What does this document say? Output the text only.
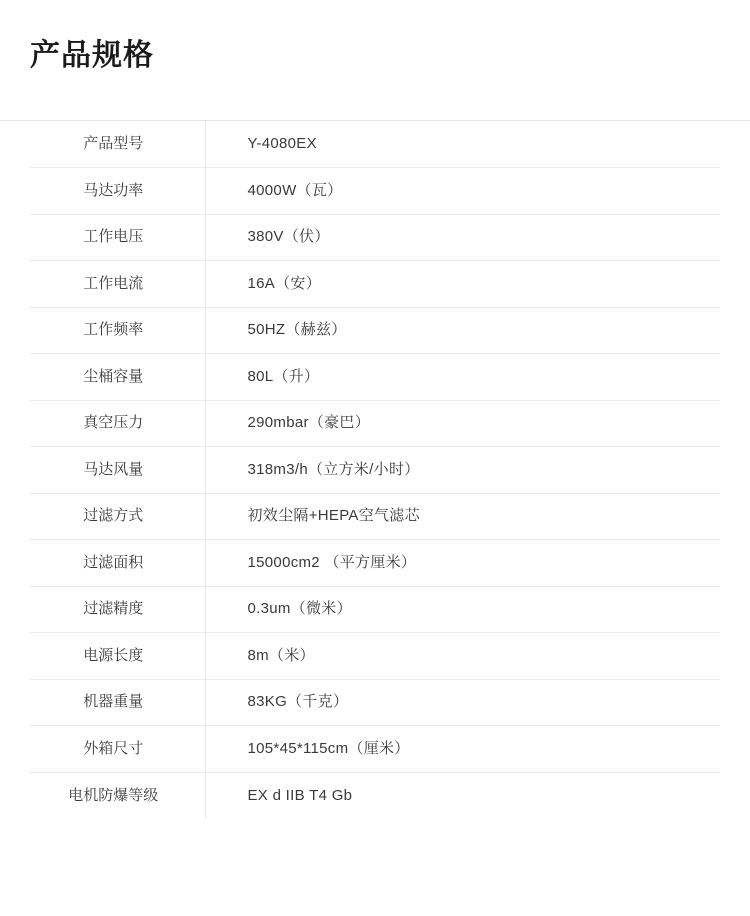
产品规格
产品型号	Y-4080EX
马达功率	4000W（瓦）
工作电压	380V（伏）
工作电流	16A（安）
工作频率	50HZ（赫兹）
尘桶容量	80L（升）
真空压力	290mbar（豪巴）
马达风量	318m3/h（立方米/小时）
过滤方式	初效尘隔+HEPA空气滤芯
过滤面积	15000cm2 （平方厘米）
过滤精度	0.3um（微米）
电源长度	8m（米）
机器重量	83KG（千克）
外箱尺寸	105*45*115cm（厘米）
电机防爆等级	EX d IIB T4 Gb
